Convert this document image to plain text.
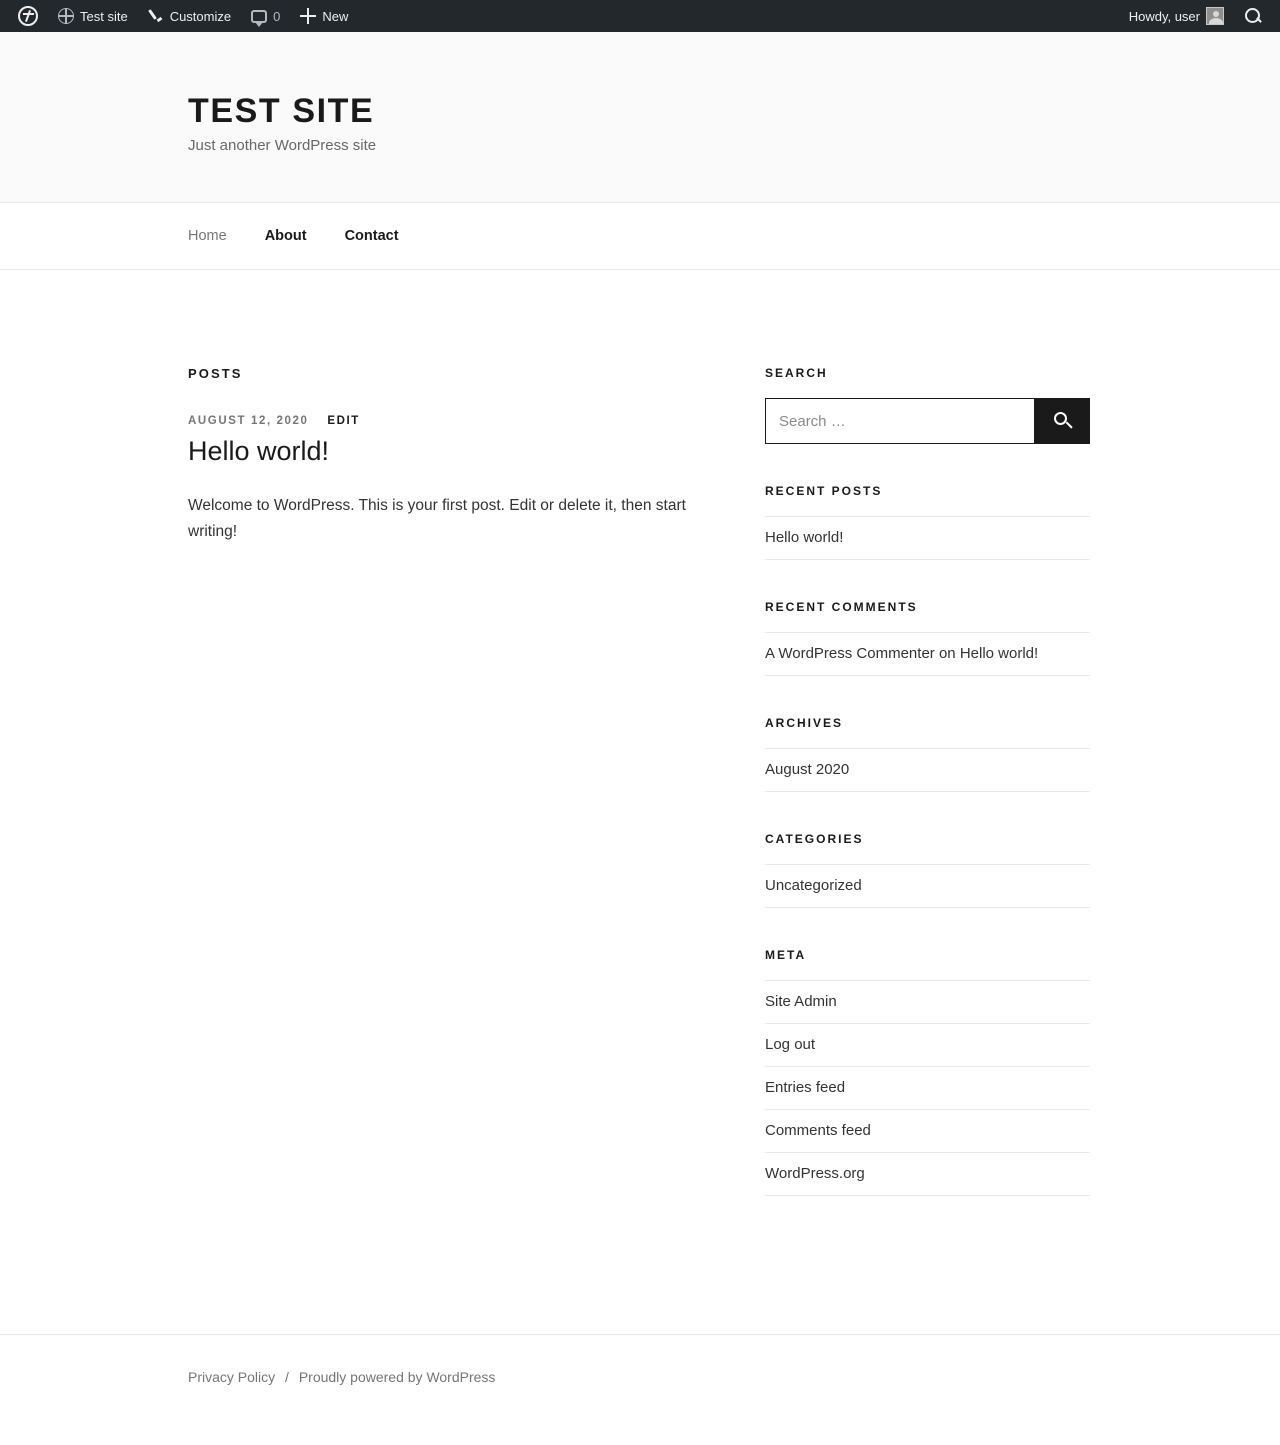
Test site	Customize	0	New	Howdy, user
TEST SITE

Just another WordPress site

Home	About	Contact
POSTS
AUGUST 12, 2020 EDIT
Hello world!

Welcome to WordPress. This is your first post. Edit or delete it, then start writing!

SEARCH
Search …
RECENT POSTS
Hello world!
RECENT COMMENTS
A WordPress Commenter on Hello world!
ARCHIVES
August 2020
CATEGORIES
Uncategorized
META
Site Admin
Log out
Entries feed
Comments feed
WordPress.org
Privacy Policy / Proudly powered by WordPress
